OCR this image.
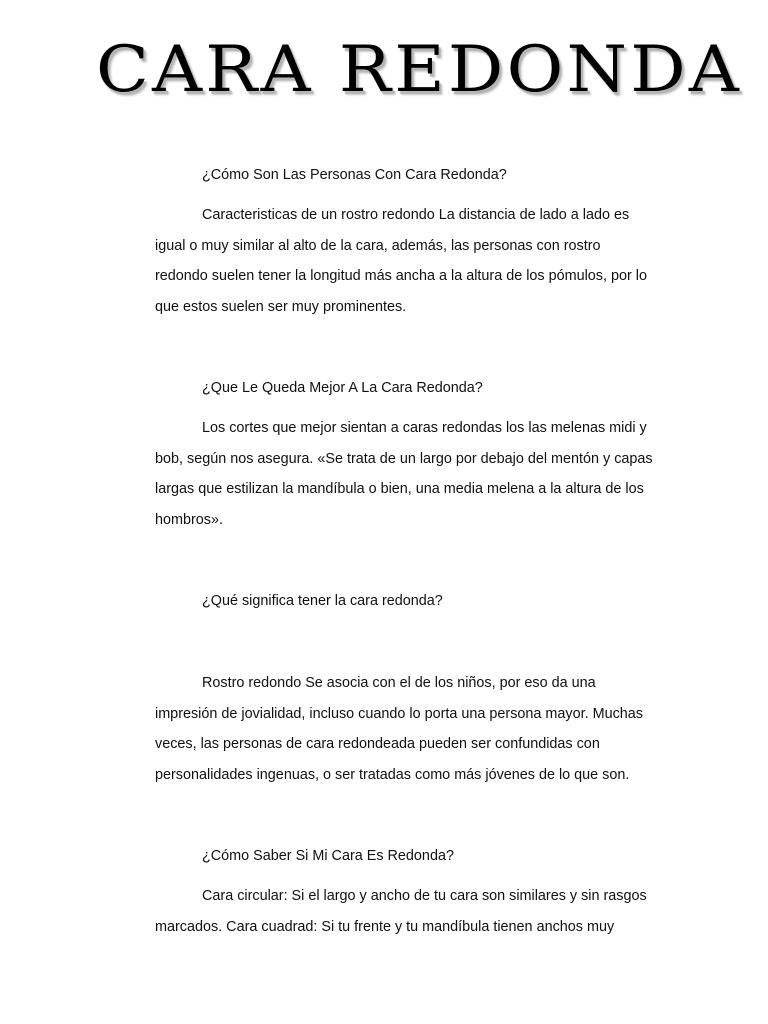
CARA REDONDA

¿Cómo Son Las Personas Con Cara Redonda?

Caracteristicas de un rostro redondo La distancia de lado a lado es igual o muy similar al alto de la cara, además, las personas con rostro redondo suelen tener la longitud más ancha a la altura de los pómulos, por lo que estos suelen ser muy prominentes.

¿Que Le Queda Mejor A La Cara Redonda?

Los cortes que mejor sientan a caras redondas los las melenas midi y bob, según nos asegura. «Se trata de un largo por debajo del mentón y capas largas que estilizan la mandíbula o bien, una media melena a la altura de los hombros».

¿Qué significa tener la cara redonda?

Rostro redondo Se asocia con el de los niños, por eso da una impresión de jovialidad, incluso cuando lo porta una persona mayor. Muchas veces, las personas de cara redondeada pueden ser confundidas con personalidades ingenuas, o ser tratadas como más jóvenes de lo que son.

¿Cómo Saber Si Mi Cara Es Redonda?

Cara circular: Si el largo y ancho de tu cara son similares y sin rasgos marcados. Cara cuadrad: Si tu frente y tu mandíbula tienen anchos muy
